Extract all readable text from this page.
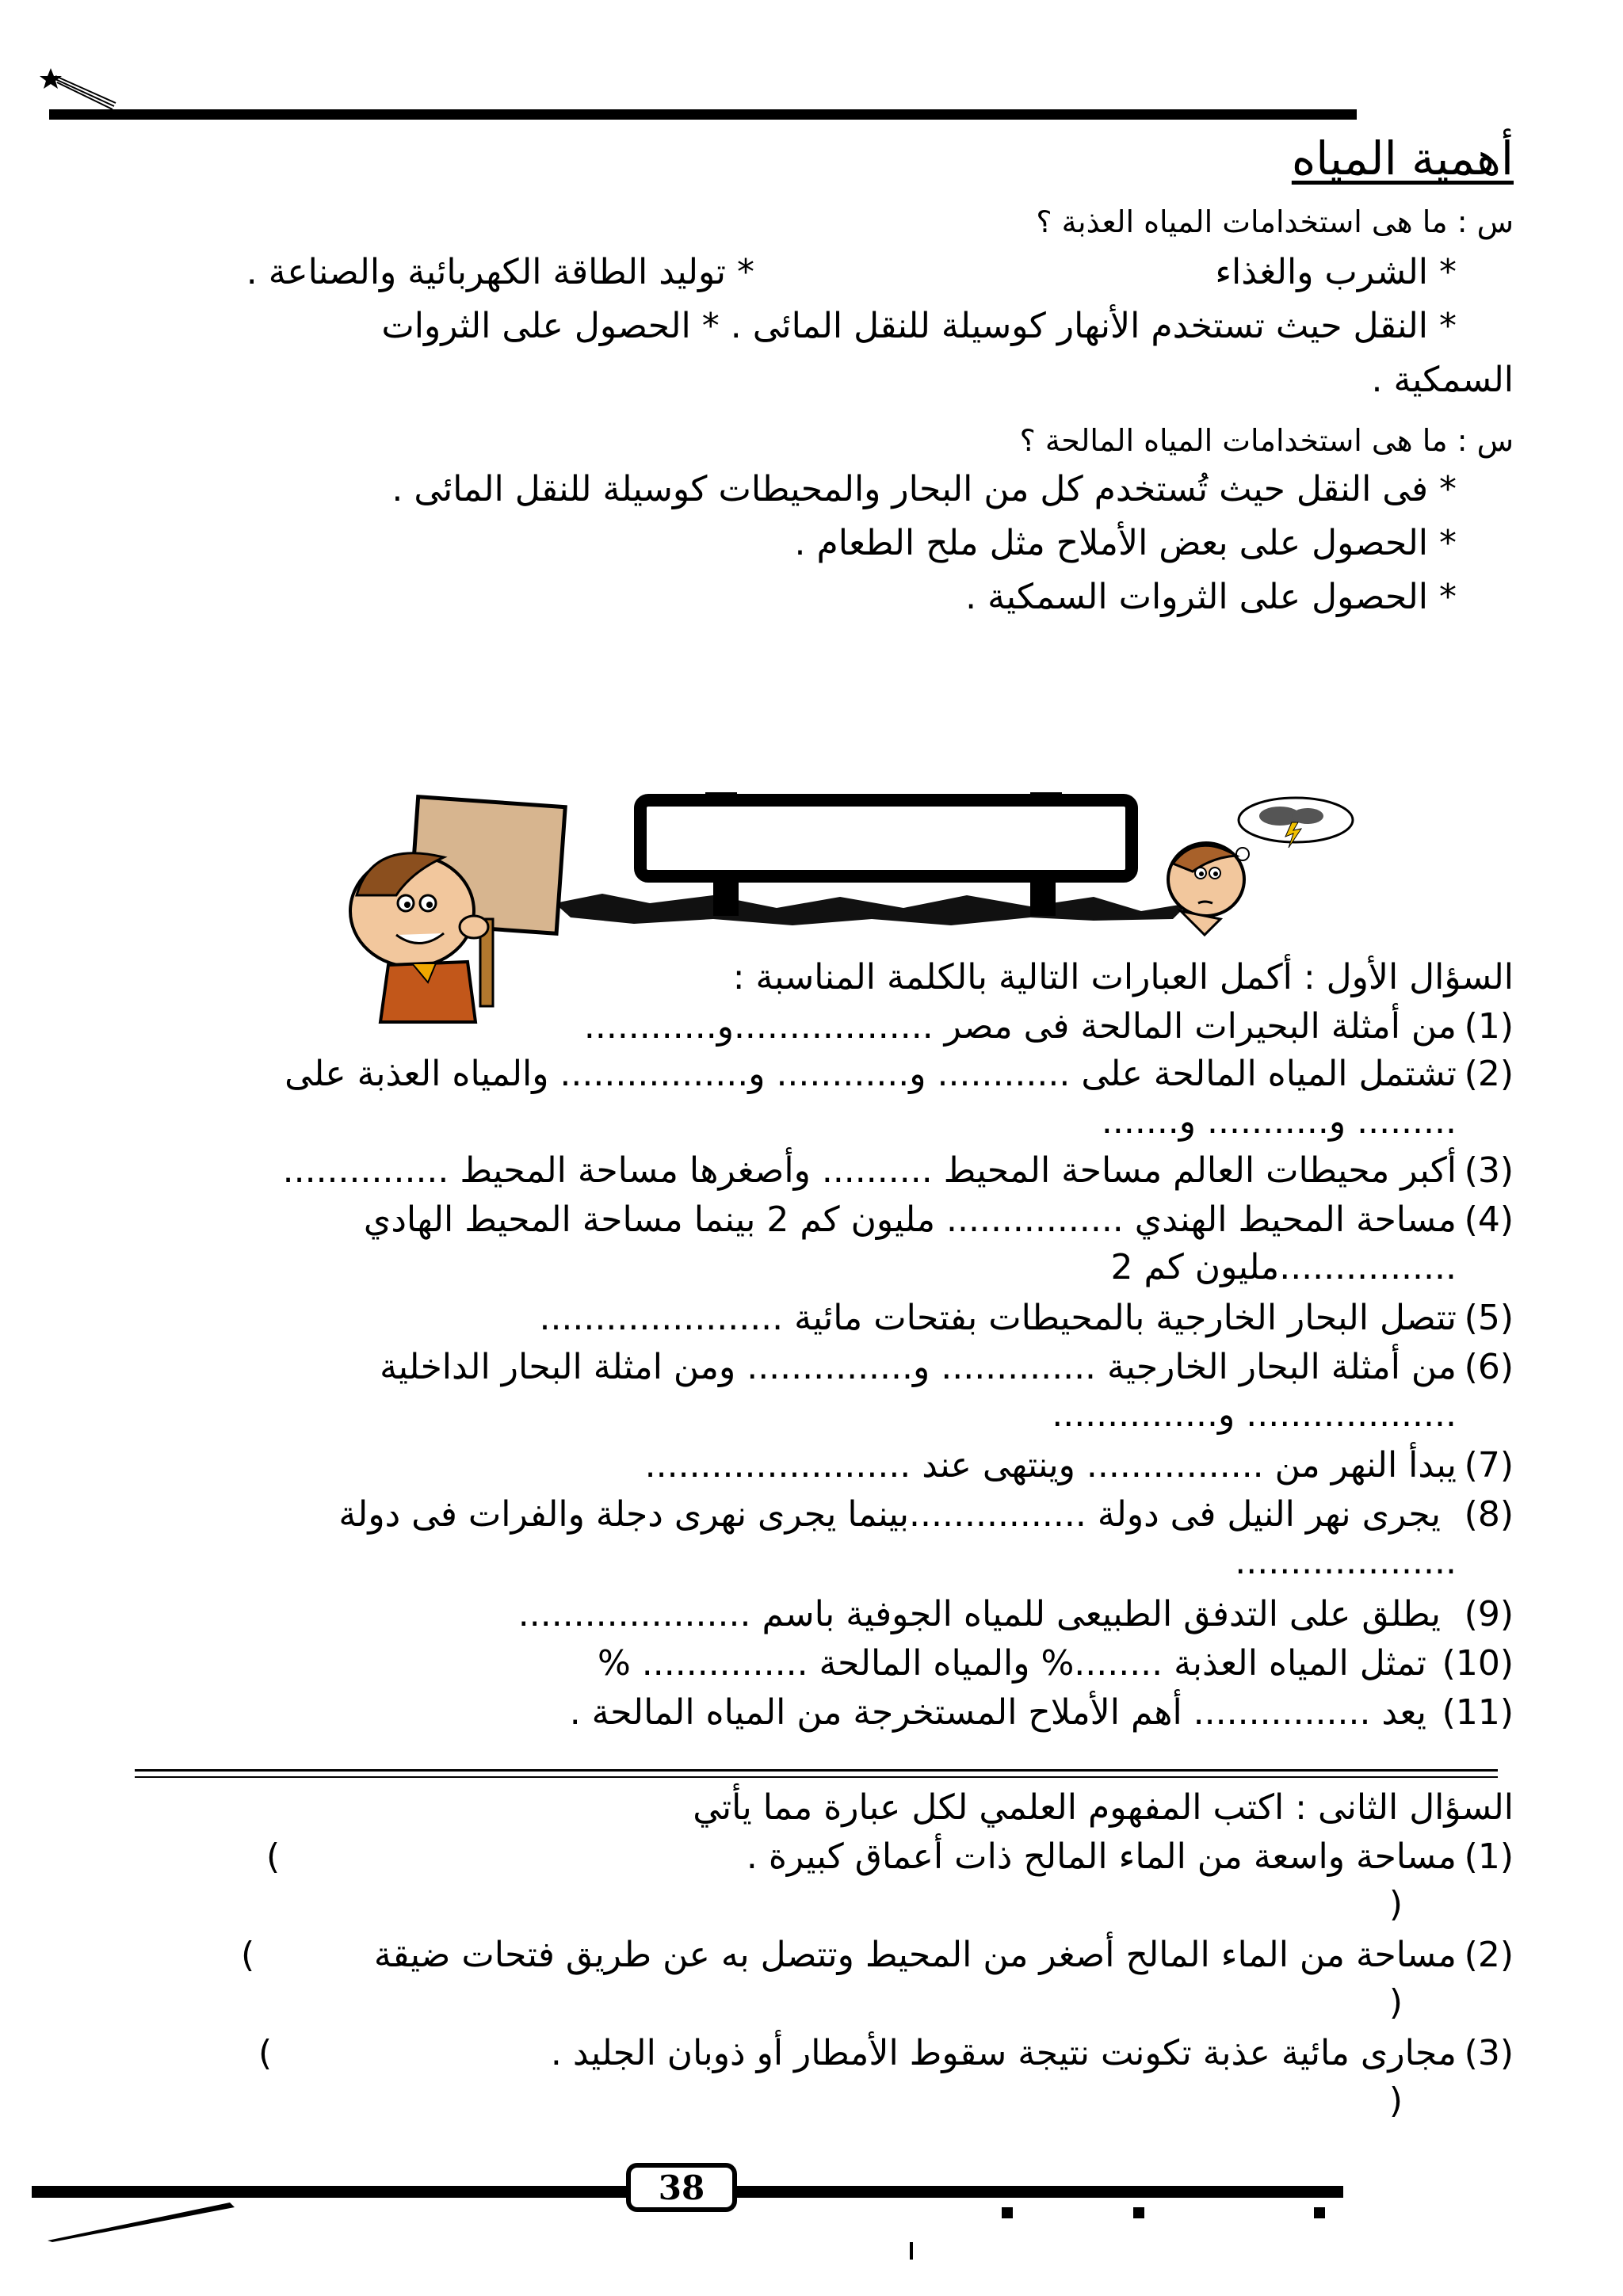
أهمية المياه
س : ما هى استخدامات المياه العذبة ؟
* الشرب والغذاء
* توليد الطاقة الكهربائية والصناعة .
* النقل حيث تستخدم الأنهار كوسيلة للنقل المائى . * الحصول على الثروات
السمكية .
س : ما هى استخدامات المياه المالحة ؟
* فى النقل حيث تُستخدم كل من البحار والمحيطات كوسيلة للنقل المائى .
* الحصول على بعض الأملاح مثل ملح الطعام .
* الحصول على الثروات السمكية .
السؤال الأول : أكمل العبارات التالية بالكلمة المناسبة :
(1)
من أمثلة البحيرات المالحة فى مصر ..................و............
(2)
تشتمل المياه المالحة على ............ و............ و................. والمياه العذبة على
......... و........... و.......
(3)
أكبر محيطات العالم مساحة المحيط .......... وأصغرها مساحة المحيط ...............
(4)
مساحة المحيط الهندي ................ مليون كم 2 بينما مساحة المحيط الهادي
................مليون كم 2
(5)
تتصل البحار الخارجية بالمحيطات بفتحات مائية ......................
(6)
من أمثلة البحار الخارجية .............. و............... ومن امثلة البحار الداخلية
................... و...............
(7)
يبدأ النهر من ................ وينتهى عند ........................
(8)
يجرى نهر النيل فى دولة ................بينما يجرى نهرى دجلة والفرات فى دولة
....................
(9)
يطلق على التدفق الطبيعى للمياه الجوفية باسم .....................
(10)
تمثل المياه العذبة ........% والمياه المالحة ............... %
(11)
يعد ................ أهم الأملاح المستخرجة من المياه المالحة .
السؤال الثانى : اكتب المفهوم العلمي لكل عبارة مما يأتي
(1)
مساحة واسعة من الماء المالح ذات أعماق كبيرة .
(
)
(2)
مساحة من الماء المالح أصغر من المحيط وتتصل به عن طريق فتحات ضيقة
(
)
(3)
مجارى مائية عذبة تكونت نتيجة سقوط الأمطار أو ذوبان الجليد .
(
)
38
